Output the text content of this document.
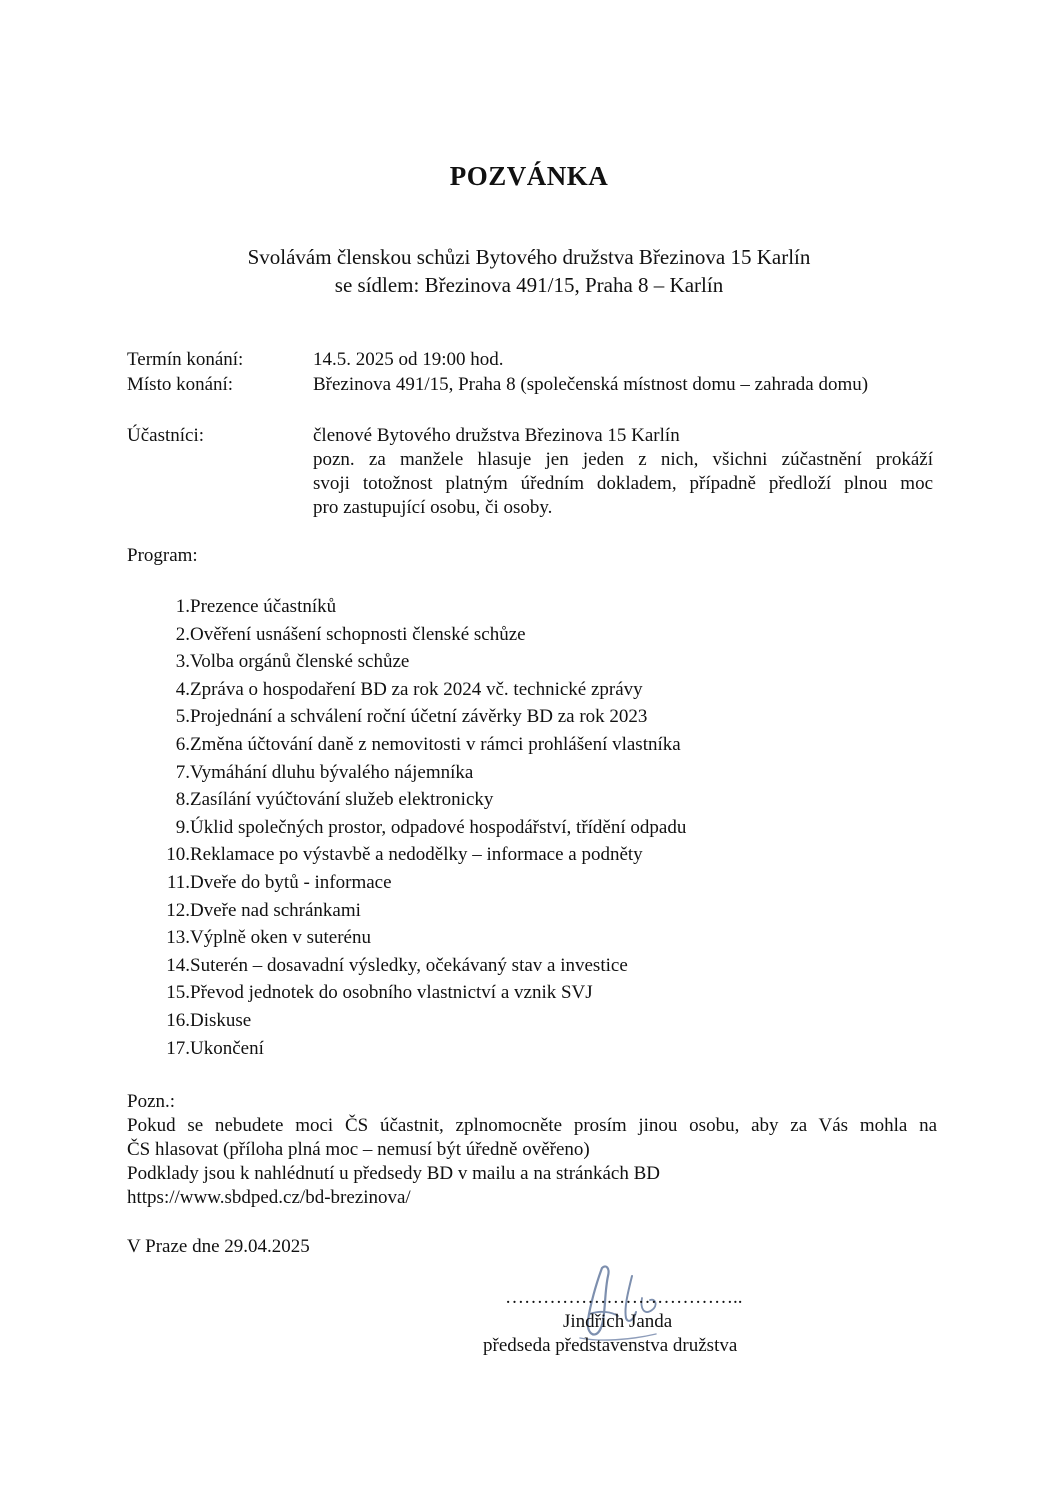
POZVÁNKA
Svolávám členskou schůzi Bytového družstva Březinova 15 Karlín
se sídlem: Březinova 491/15, Praha 8 – Karlín
Termín konání:	14.5. 2025 od 19:00 hod.
Místo konání:	Březinova 491/15, Praha 8 (společenská místnost domu – zahrada domu)
Účastníci:	členové Bytového družstva Březinova 15 Karlín
pozn. za manžele hlasuje jen jeden z nich, všichni zúčastnění prokáží
svoji totožnost platným úředním dokladem, případně předloží plnou moc
pro zastupující osobu, či osoby.
Program:
1. Prezence účastníků
2. Ověření usnášení schopnosti členské schůze
3. Volba orgánů členské schůze
4. Zpráva o hospodaření BD za rok 2024 vč. technické zprávy
5. Projednání a schválení roční účetní závěrky BD za rok 2023
6. Změna účtování daně z nemovitosti v rámci prohlášení vlastníka
7. Vymáhání dluhu bývalého nájemníka
8. Zasílání vyúčtování služeb elektronicky
9. Úklid společných prostor, odpadové hospodářství, třídění odpadu
10. Reklamace po výstavbě a nedodělky – informace a podněty
11. Dveře do bytů - informace
12. Dveře nad schránkami
13. Výplně oken v suterénu
14. Suterén – dosavadní výsledky, očekávaný stav a investice
15. Převod jednotek do osobního vlastnictví a vznik SVJ
16. Diskuse
17. Ukončení
Pozn.:
Pokud se nebudete moci ČS účastnit, zplnomocněte prosím jinou osobu, aby za Vás mohla na
ČS hlasovat (příloha plná moc – nemusí být úředně ověřeno)
Podklady jsou k nahlédnutí u předsedy BD v mailu a na stránkách BD
https://www.sbdped.cz/bd-brezinova/
V Praze dne 29.04.2025
………………………………..
Jindřich Janda
předseda představenstva družstva
